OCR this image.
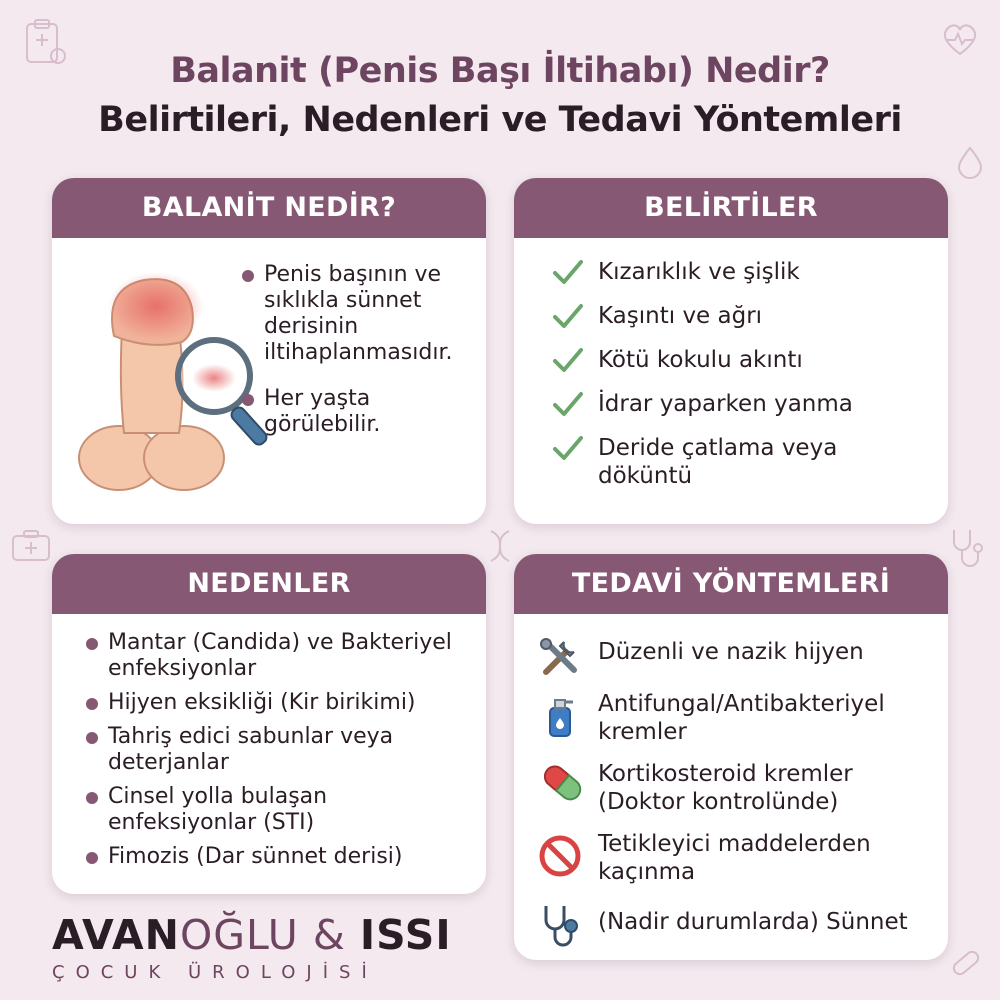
Balanit (Penis Başı İltihabı) Nedir?
Belirtileri, Nedenleri ve Tedavi Yöntemleri
BALANİT NEDİR?
Penis başının ve sıklıkla sünnet derisinin iltihaplanmasıdır.
Her yaşta görülebilir.
BELİRTİLER
Kızarıklık ve şişlik
Kaşıntı ve ağrı
Kötü kokulu akıntı
İdrar yaparken yanma
Deride çatlama veya döküntü
NEDENLER
Mantar (Candida) ve Bakteriyel enfeksiyonlar
Hijyen eksikliği (Kir birikimi)
Tahriş edici sabunlar veya deterjanlar
Cinsel yolla bulaşan enfeksiyonlar (STI)
Fimozis (Dar sünnet derisi)
TEDAVİ YÖNTEMLERİ
Düzenli ve nazik hijyen
Antifungal/Antibakteriyel kremler
Kortikosteroid kremler (Doktor kontrolünde)
Tetikleyici maddelerden kaçınma
(Nadir durumlarda) Sünnet
AVANOĞLU & ISSI
ÇOCUK ÜROLOJİSİ
